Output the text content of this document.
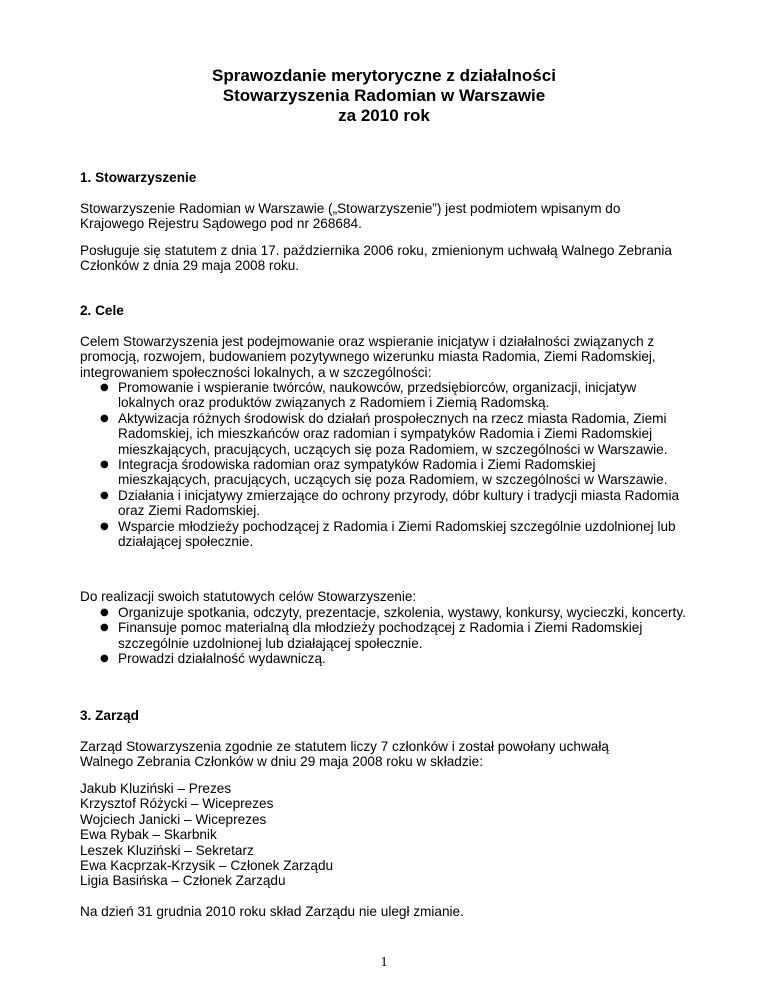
Sprawozdanie merytoryczne z działalności
Stowarzyszenia Radomian w Warszawie
za 2010 rok
1. Stowarzyszenie

Stowarzyszenie Radomian w Warszawie („Stowarzyszenie”) jest podmiotem wpisanym do Krajowego Rejestru Sądowego pod nr 268684.

Posługuje się statutem z dnia 17. października 2006 roku, zmienionym uchwałą Walnego Zebrania Członków z dnia 29 maja 2008 roku.

2. Cele

Celem Stowarzyszenia jest podejmowanie oraz wspieranie inicjatyw i działalności związanych z promocją, rozwojem, budowaniem pozytywnego wizerunku miasta Radomia, Ziemi Radomskiej, integrowaniem społeczności lokalnych, a w szczególności:

● Promowanie i wspieranie twórców, naukowców, przedsiębiorców, organizacji, inicjatyw lokalnych oraz produktów związanych z Radomiem i Ziemią Radomską.
● Aktywizacja różnych środowisk do działań prospołecznych na rzecz miasta Radomia, Ziemi Radomskiej, ich mieszkańców oraz radomian i sympatyków Radomia i Ziemi Radomskiej mieszkających, pracujących, uczących się poza Radomiem, w szczególności w Warszawie.
● Integracja środowiska radomian oraz sympatyków Radomia i Ziemi Radomskiej mieszkających, pracujących, uczących się poza Radomiem, w szczególności w Warszawie.
● Działania i inicjatywy zmierzające do ochrony przyrody, dóbr kultury i tradycji miasta Radomia oraz Ziemi Radomskiej.
● Wsparcie młodzieży pochodzącej z Radomia i Ziemi Radomskiej szczególnie uzdolnionej lub działającej społecznie.

Do realizacji swoich statutowych celów Stowarzyszenie:

● Organizuje spotkania, odczyty, prezentacje, szkolenia, wystawy, konkursy, wycieczki, koncerty.
● Finansuje pomoc materialną dla młodzieży pochodzącej z Radomia i Ziemi Radomskiej szczególnie uzdolnionej lub działającej społecznie.
● Prowadzi działalność wydawniczą.
3. Zarząd

Zarząd Stowarzyszenia zgodnie ze statutem liczy 7 członków i został powołany uchwałą Walnego Zebrania Członków w dniu 29 maja 2008 roku w składzie:

Jakub Kluziński – Prezes
Krzysztof Różycki – Wiceprezes
Wojciech Janicki – Wiceprezes
Ewa Rybak – Skarbnik
Leszek Kluziński – Sekretarz
Ewa Kacprzak-Krzysik – Członek Zarządu
Ligia Basińska – Członek Zarządu

Na dzień 31 grudnia 2010 roku skład Zarządu nie uległ zmianie.

1
